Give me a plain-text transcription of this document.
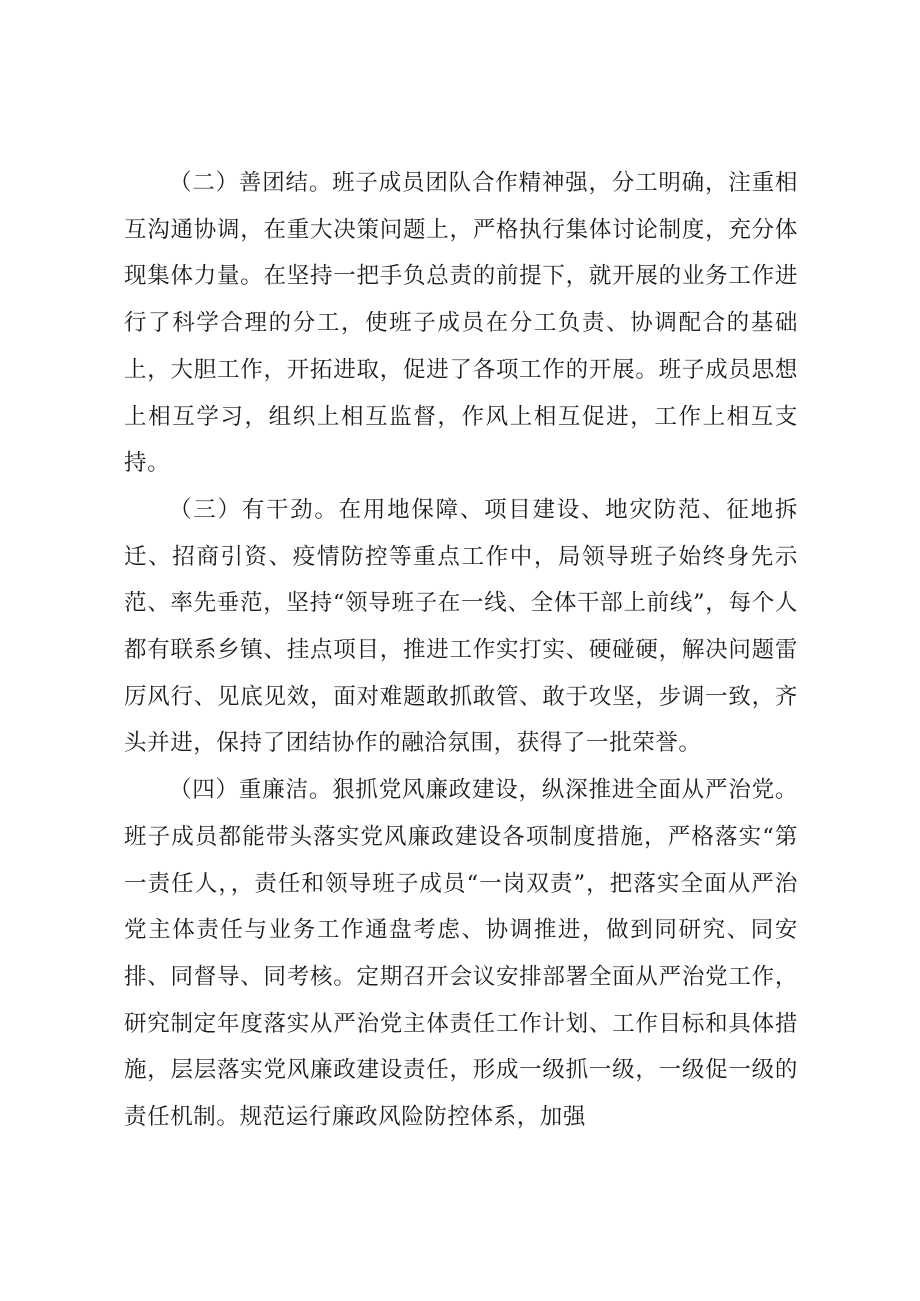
（二）善团结。班子成员团队合作精神强，分工明确，注重相互沟通协调，在重大决策问题上，严格执行集体讨论制度，充分体现集体力量。在坚持一把手负总责的前提下，就开展的业务工作进行了科学合理的分工，使班子成员在分工负责、协调配合的基础上，大胆工作，开拓进取，促进了各项工作的开展。班子成员思想上相互学习，组织上相互监督，作风上相互促进，工作上相互支持。

（三）有干劲。在用地保障、项目建设、地灾防范、征地拆迁、招商引资、疫情防控等重点工作中，局领导班子始终身先示范、率先垂范，坚持“领导班子在一线、全体干部上前线”，每个人都有联系乡镇、挂点项目，推进工作实打实、硬碰硬，解决问题雷厉风行、见底见效，面对难题敢抓敢管、敢于攻坚，步调一致，齐头并进，保持了团结协作的融洽氛围，获得了一批荣誉。

（四）重廉洁。狠抓党风廉政建设，纵深推进全面从严治党。班子成员都能带头落实党风廉政建设各项制度措施，严格落实“第一责任人，，责任和领导班子成员“一岗双责”，把落实全面从严治党主体责任与业务工作通盘考虑、协调推进，做到同研究、同安排、同督导、同考核。定期召开会议安排部署全面从严治党工作，研究制定年度落实从严治党主体责任工作计划、工作目标和具体措施，层层落实党风廉政建设责任，形成一级抓一级，一级促一级的责任机制。规范运行廉政风险防控体系，加强
